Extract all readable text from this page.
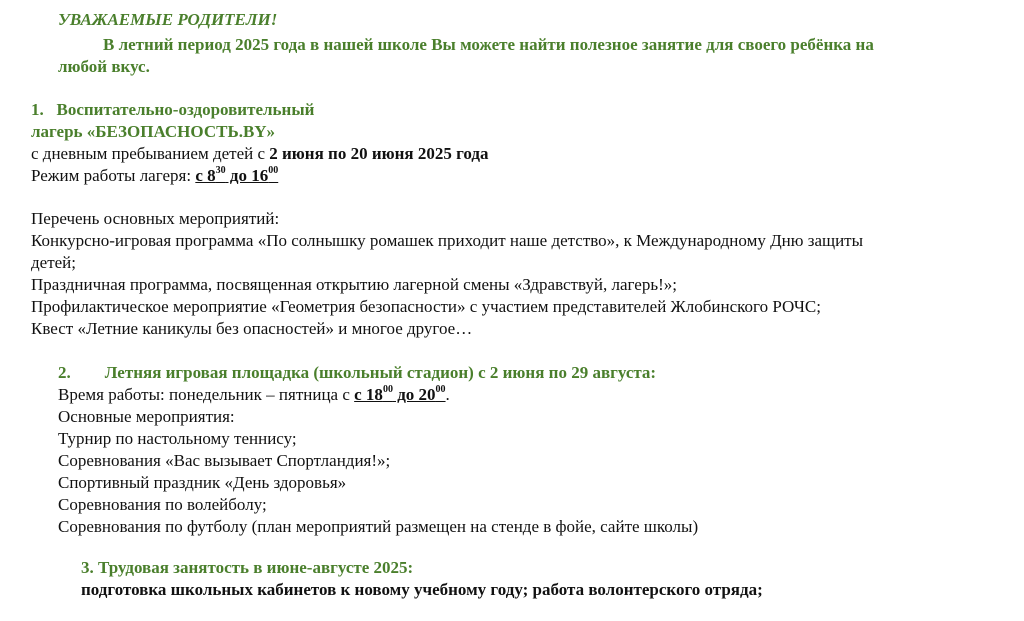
УВАЖАЕМЫЕ РОДИТЕЛИ!
В летний период 2025 года в нашей школе Вы можете найти полезное занятие для своего ребёнка на
любой вкус.
1. Воспитательно-оздоровительный
лагерь «БЕЗОПАСНОСТЬ.BY»
с дневным пребыванием детей с 2 июня по 20 июня 2025 года
Режим работы лагеря: с $8^{30}$ до $16^{00}$
Перечень основных мероприятий:
Конкурсно-игровая программа «По солнышку ромашек приходит наше детство», к Международному Дню защиты
детей;
Праздничная программа, посвященная открытию лагерной смены «Здравствуй, лагерь!»;
Профилактическое мероприятие «Геометрия безопасности» с участием представителей Жлобинского РОЧС;
Квест «Летние каникулы без опасностей» и многое другое…
2. Летняя игровая площадка (школьный стадион) с 2 июня по 29 августа:
Время работы: понедельник – пятница с с $18^{00}$ до $20^{00}$.
Основные мероприятия:
Турнир по настольному теннису;
Соревнования «Вас вызывает Спортландия!»;
Спортивный праздник «День здоровья»
Соревнования по волейболу;
Соревнования по футболу (план мероприятий размещен на стенде в фойе, сайте школы)
3. Трудовая занятость в июне-августе 2025:
подготовка школьных кабинетов к новому учебному году; работа волонтерского отряда;
